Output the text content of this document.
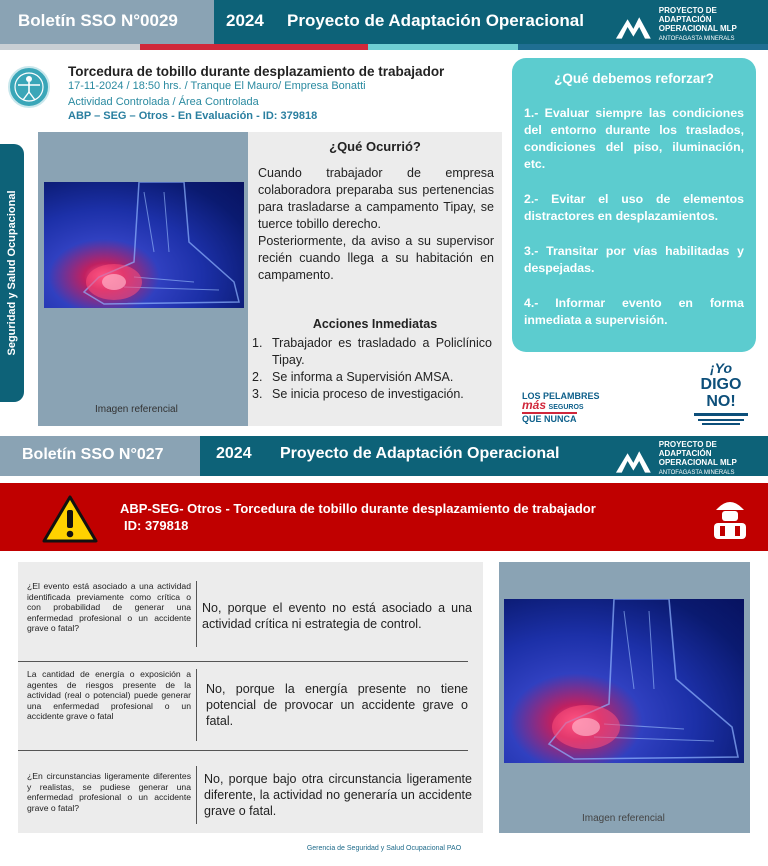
Boletín SSO N°0029	2024 Proyecto de Adaptación Operacional
PROYECTO DE ADAPTACIÓN
OPERACIONAL MLP
ANTOFAGASTA MINERALS
Torcedura de tobillo durante desplazamiento de trabajador
17-11-2024 / 18:50 hrs. / Tranque El Mauro/ Empresa Bonatti
Actividad Controlada / Área Controlada
ABP – SEG – Otros - En Evaluación - ID: 379818
Seguridad y Salud Ocupacional
Imagen referencial
¿Qué Ocurrió?
Cuando trabajador de empresa colaboradora preparaba sus pertenencias para trasladarse a campamento Tipay, se tuerce tobillo derecho.
Posteriormente, da aviso a su supervisor recién cuando llega a su habitación en campamento.
Acciones Inmediatas
1. Trabajador es trasladado a Policlínico Tipay.
2. Se informa a Supervisión AMSA.
3. Se inicia proceso de investigación.
¿Qué debemos reforzar?
1.- Evaluar siempre las condiciones del entorno durante los traslados, condiciones del piso, iluminación, etc.
2.- Evitar el uso de elementos distractores en desplazamientos.
3.- Transitar por vías habilitadas y despejadas.
4.- Informar evento en forma inmediata a supervisión.
LOS PELAMBRES
más SEGUROS
QUE NUNCA
¡Yo
DIGO NO!
Boletín SSO N°027	2024 Proyecto de Adaptación Operacional
PROYECTO DE ADAPTACIÓN
OPERACIONAL MLP
ANTOFAGASTA MINERALS
ABP-SEG- Otros - Torcedura de tobillo durante desplazamiento de trabajador
ID: 379818
¿El evento está asociado a una actividad identificada previamente como crítica o con probabilidad de generar una enfermedad profesional o un accidente grave o fatal?
No, porque el evento no está asociado a una actividad crítica ni estrategia de control.
La cantidad de energía o exposición a agentes de riesgos presente de la actividad (real o potencial) puede generar una enfermedad profesional o un accidente grave o fatal
No, porque la energía presente no tiene potencial de provocar un accidente grave o fatal.
¿En circunstancias ligeramente diferentes y realistas, se pudiese generar una enfermedad profesional o un accidente grave o fatal?
No, porque bajo otra circunstancia ligeramente diferente, la actividad no generaría un accidente grave o fatal.
Imagen referencial
Gerencia de Seguridad y Salud Ocupacional PAO
